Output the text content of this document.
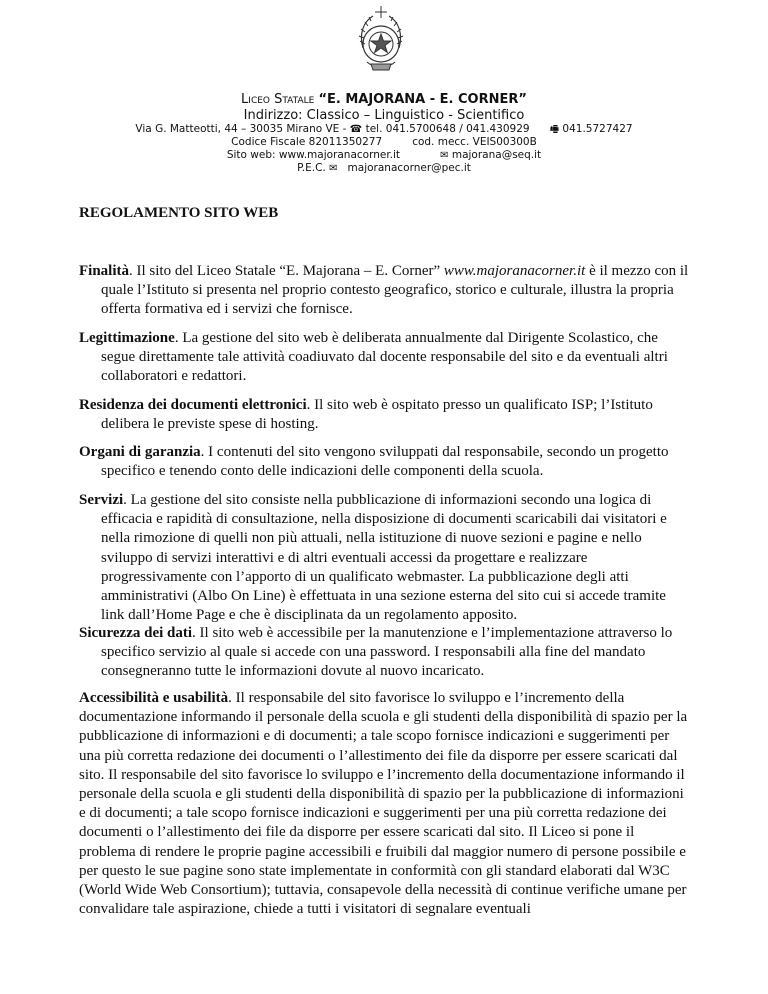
Liceo Statale “E. MAJORANA - E. CORNER”
Indirizzo: Classico – Linguistico - Scientifico
Via G. Matteotti, 44 – 30035 Mirano VE - ☎ tel. 041.5700648 / 041.430929 🖷 041.5727427
Codice Fiscale 82011350277	cod. mecc. VEIS00300B
Sito web: www.majoranacorner.it	✉ majorana@seq.it
P.E.C. ✉ majoranacorner@pec.it
REGOLAMENTO SITO WEB

Finalità. Il sito del Liceo Statale “E. Majorana – E. Corner” www.majoranacorner.it è il mezzo con il quale l’Istituto si presenta nel proprio contesto geografico, storico e culturale, illustra la propria offerta formativa ed i servizi che fornisce.

Legittimazione. La gestione del sito web è deliberata annualmente dal Dirigente Scolastico, che segue direttamente tale attività coadiuvato dal docente responsabile del sito e da eventuali altri collaboratori e redattori.

Residenza dei documenti elettronici. Il sito web è ospitato presso un qualificato ISP; l’Istituto delibera le previste spese di hosting.

Organi di garanzia. I contenuti del sito vengono sviluppati dal responsabile, secondo un progetto specifico e tenendo conto delle indicazioni delle componenti della scuola.

Servizi. La gestione del sito consiste nella pubblicazione di informazioni secondo una logica di efficacia e rapidità di consultazione, nella disposizione di documenti scaricabili dai visitatori e nella rimozione di quelli non più attuali, nella istituzione di nuove sezioni e pagine e nello sviluppo di servizi interattivi e di altri eventuali accessi da progettare e realizzare progressivamente con l’apporto di un qualificato webmaster. La pubblicazione degli atti amministrativi (Albo On Line) è effettuata in una sezione esterna del sito cui si accede tramite link dall’Home Page e che è disciplinata da un regolamento apposito.

Sicurezza dei dati. Il sito web è accessibile per la manutenzione e l’implementazione attraverso lo specifico servizio al quale si accede con una password. I responsabili alla fine del mandato consegneranno tutte le informazioni dovute al nuovo incaricato.

Accessibilità e usabilità. Il responsabile del sito favorisce lo sviluppo e l’incremento della documentazione informando il personale della scuola e gli studenti della disponibilità di spazio per la pubblicazione di informazioni e di documenti; a tale scopo fornisce indicazioni e suggerimenti per una più corretta redazione dei documenti o l’allestimento dei file da disporre per essere scaricati dal sito. Il responsabile del sito favorisce lo sviluppo e l’incremento della documentazione informando il personale della scuola e gli studenti della disponibilità di spazio per la pubblicazione di informazioni e di documenti; a tale scopo fornisce indicazioni e suggerimenti per una più corretta redazione dei documenti o l’allestimento dei file da disporre per essere scaricati dal sito. Il Liceo si pone il problema di rendere le proprie pagine accessibili e fruibili dal maggior numero di persone possibile e per questo le sue pagine sono state implementate in conformità con gli standard elaborati dal W3C (World Wide Web Consortium); tuttavia, consapevole della necessità di continue verifiche umane per convalidare tale aspirazione, chiede a tutti i visitatori di segnalare eventuali
